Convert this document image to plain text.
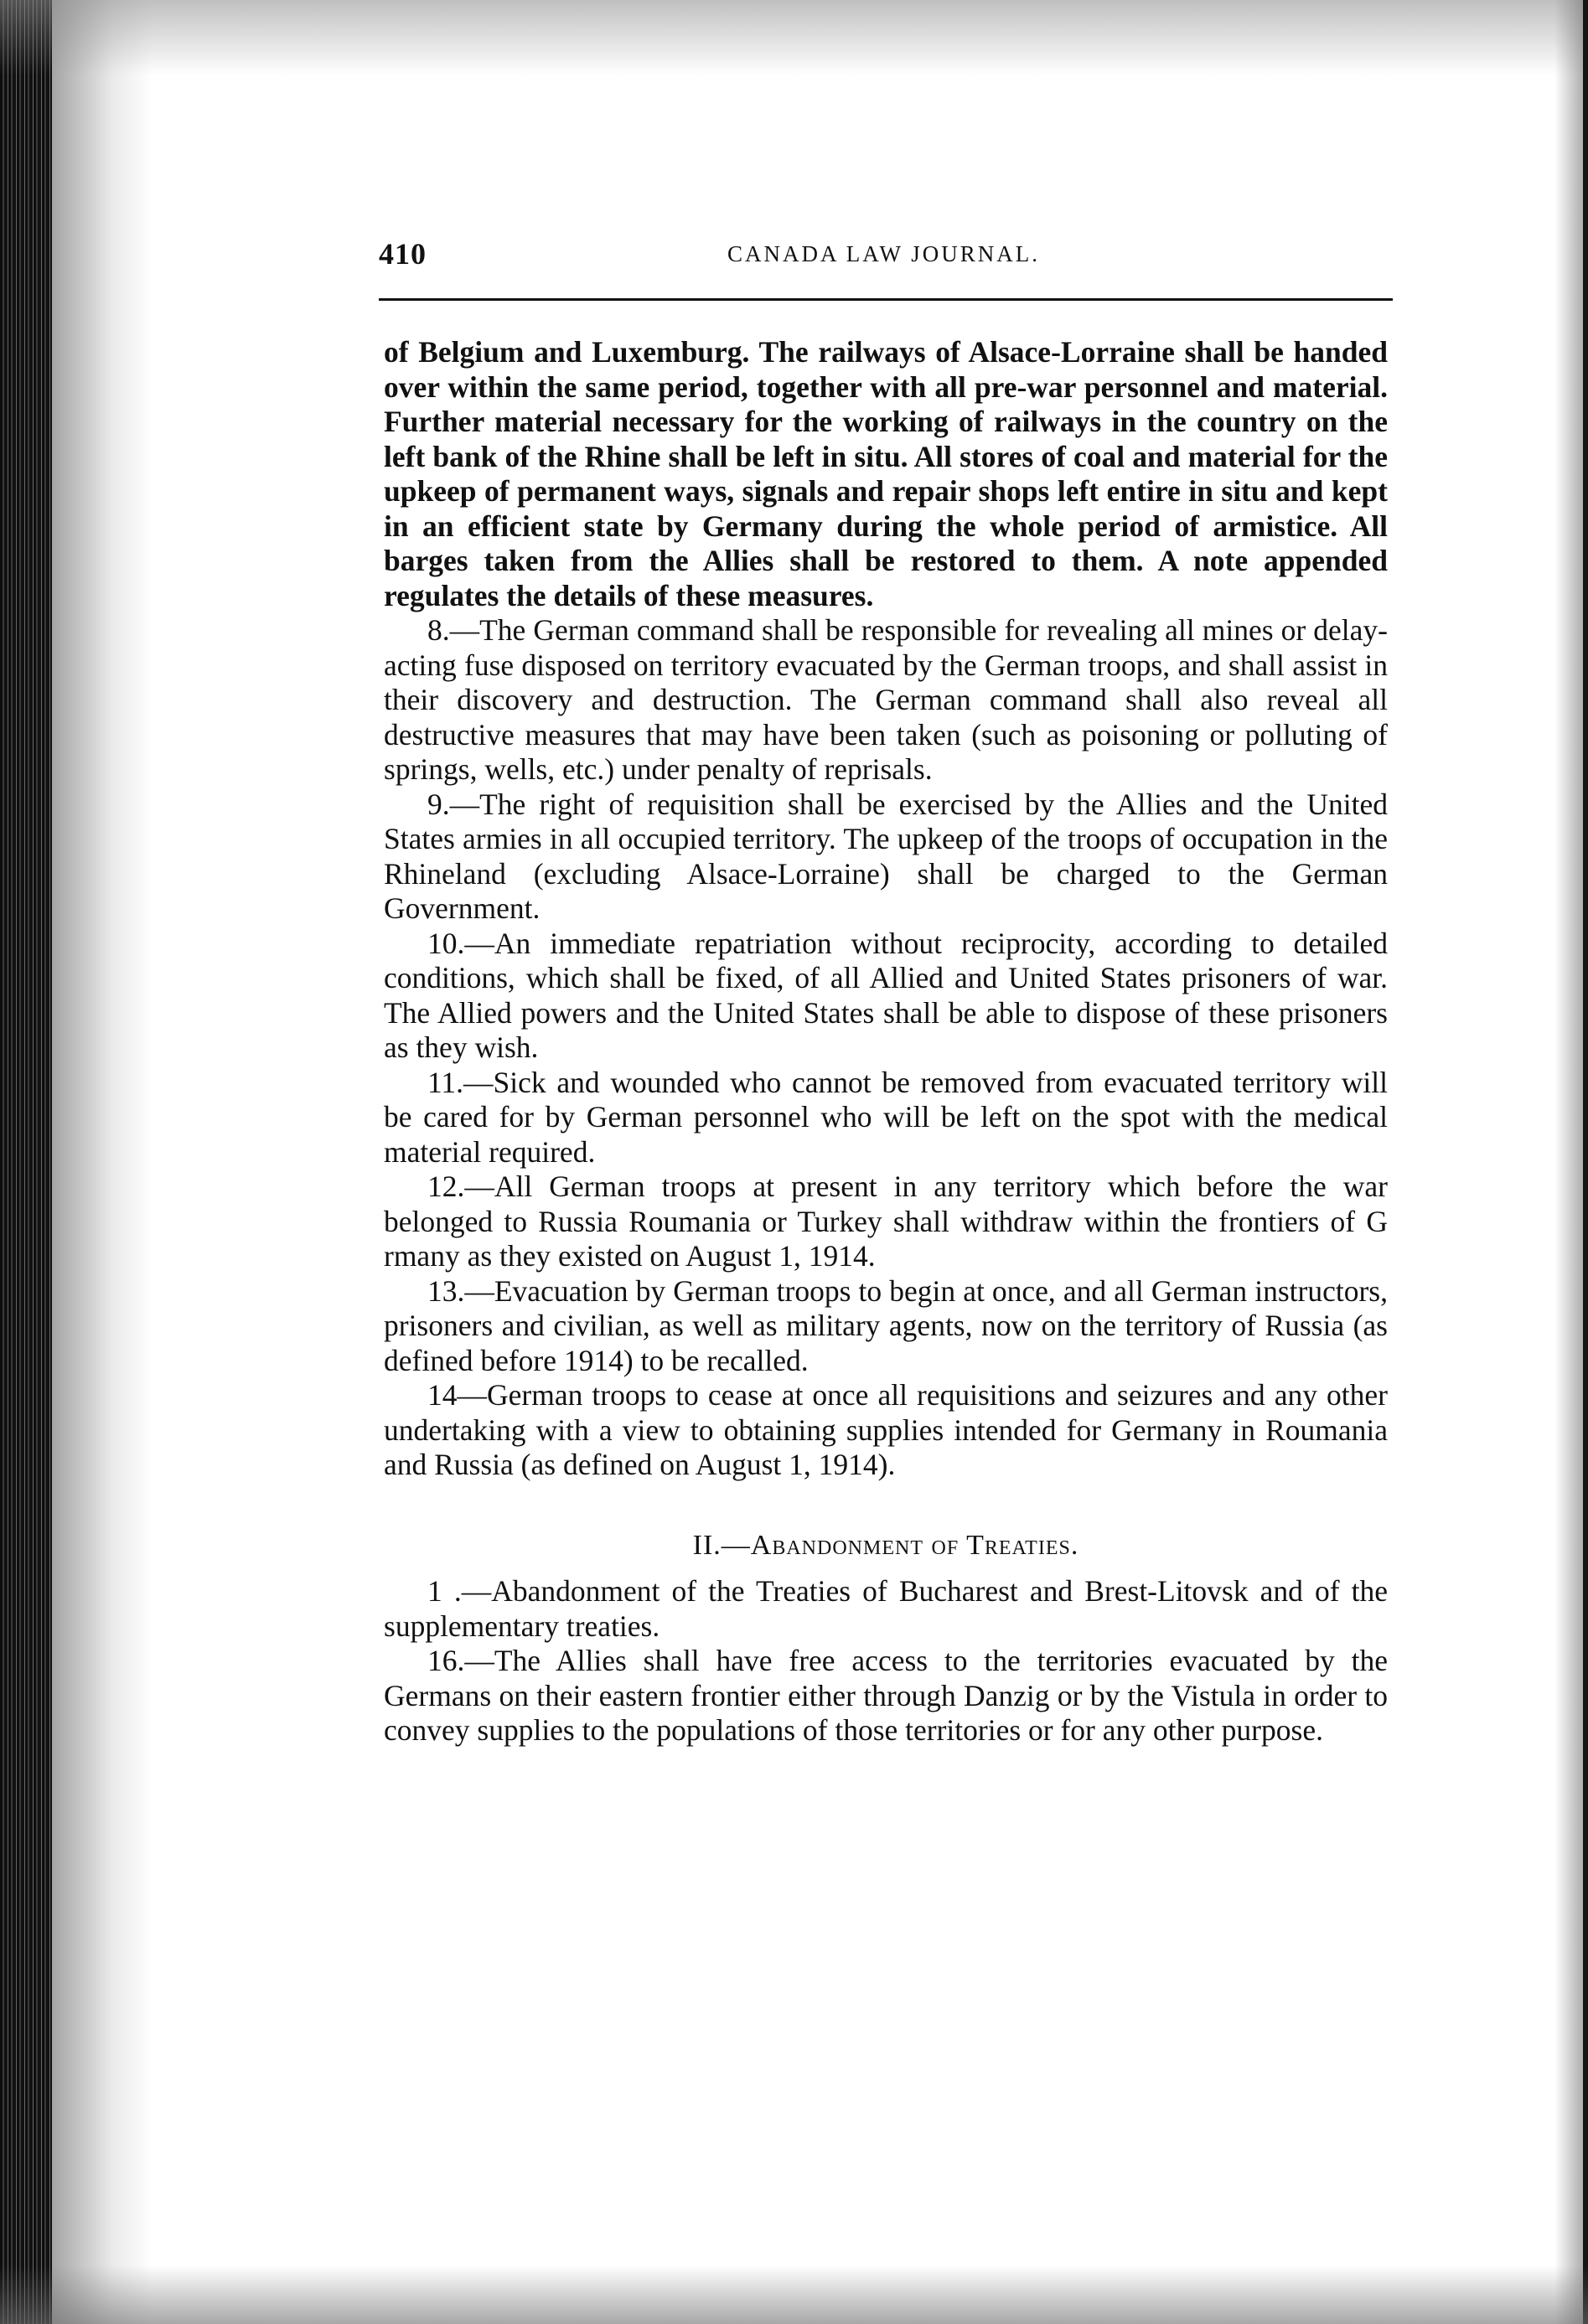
410	CANADA LAW JOURNAL.

of Belgium and Luxemburg. The railways of Alsace-Lorraine shall be handed over within the same period, together with all pre-war personnel and material. Further material necessary for the working of railways in the country on the left bank of the Rhine shall be left in situ. All stores of coal and material for the upkeep of permanent ways, signals and repair shops left entire in situ and kept in an efficient state by Germany during the whole period of armistice. All barges taken from the Allies shall be restored to them. A note appended regulates the details of these measures.

8.—The German command shall be responsible for revealing all mines or delay-acting fuse disposed on territory evacuated by the German troops, and shall assist in their discovery and destruction. The German command shall also reveal all destructive measures that may have been taken (such as poisoning or polluting of springs, wells, etc.) under penalty of reprisals.

9.—The right of requisition shall be exercised by the Allies and the United States armies in all occupied territory. The upkeep of the troops of occupation in the Rhineland (excluding Alsace-Lorraine) shall be charged to the German Government.

10.—An immediate repatriation without reciprocity, according to detailed conditions, which shall be fixed, of all Allied and United States prisoners of war. The Allied powers and the United States shall be able to dispose of these prisoners as they wish.

11.—Sick and wounded who cannot be removed from evacuated territory will be cared for by German personnel who will be left on the spot with the medical material required.

12.—All German troops at present in any territory which before the war belonged to Russia Roumania or Turkey shall withdraw within the frontiers of G rmany as they existed on August 1, 1914.

13.—Evacuation by German troops to begin at once, and all German instructors, prisoners and civilian, as well as military agents, now on the territory of Russia (as defined before 1914) to be recalled.

14—German troops to cease at once all requisitions and seizures and any other undertaking with a view to obtaining supplies intended for Germany in Roumania and Russia (as defined on August 1, 1914).

II.—Abandonment of Treaties.

1 .—Abandonment of the Treaties of Bucharest and Brest-Litovsk and of the supplementary treaties.

16.—The Allies shall have free access to the territories evacuated by the Germans on their eastern frontier either through Danzig or by the Vistula in order to convey supplies to the populations of those territories or for any other purpose.
